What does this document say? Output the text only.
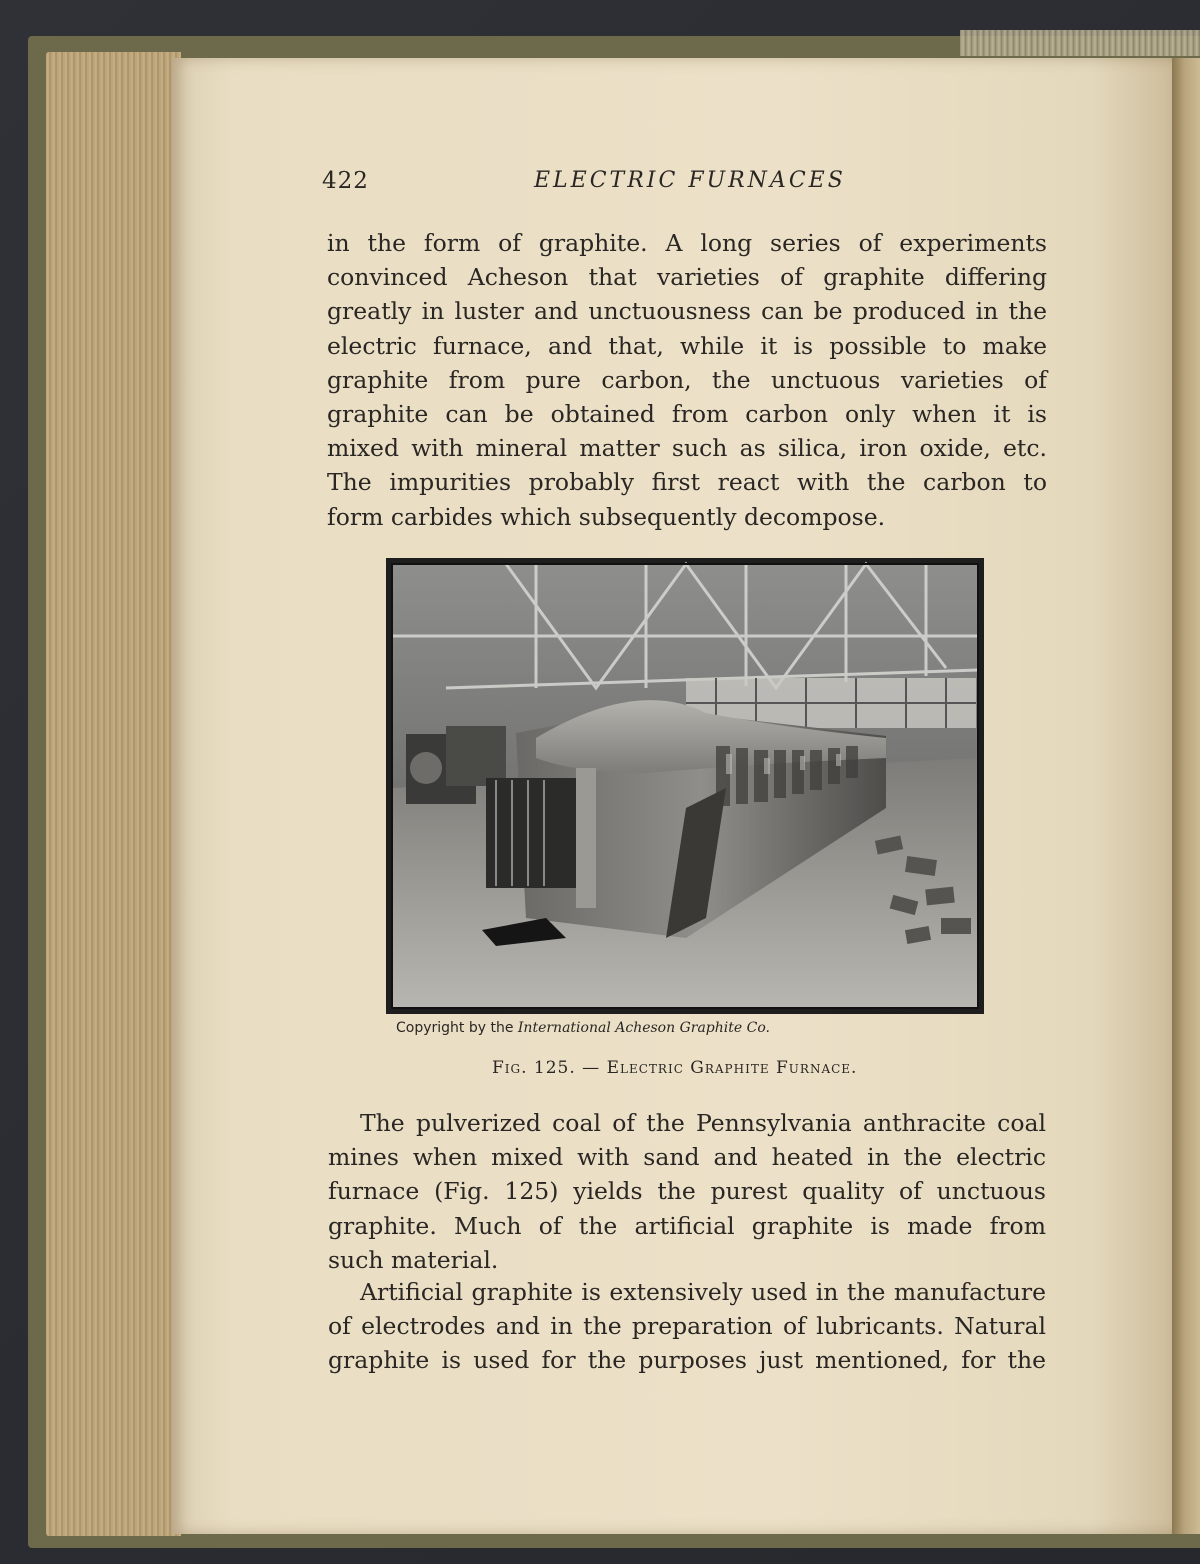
422	ELECTRIC FURNACES

in the form of graphite. A long series of experiments
convinced Acheson that varieties of graphite differing
greatly in luster and unctuousness can be produced in the
electric furnace, and that, while it is possible to make
graphite from pure carbon, the unctuous varieties of
graphite can be obtained from carbon only when it is
mixed with mineral matter such as silica, iron oxide, etc.
The impurities probably first react with the carbon to
form carbides which subsequently decompose.

Copyright by the International Acheson Graphite Co.
Fig. 125. — Electric Graphite Furnace.

The pulverized coal of the Pennsylvania anthracite coal
mines when mixed with sand and heated in the electric
furnace (Fig. 125) yields the purest quality of unctuous
graphite. Much of the artificial graphite is made from
such material.

Artificial graphite is extensively used in the manufacture
of electrodes and in the preparation of lubricants. Natural
graphite is used for the purposes just mentioned, for the
